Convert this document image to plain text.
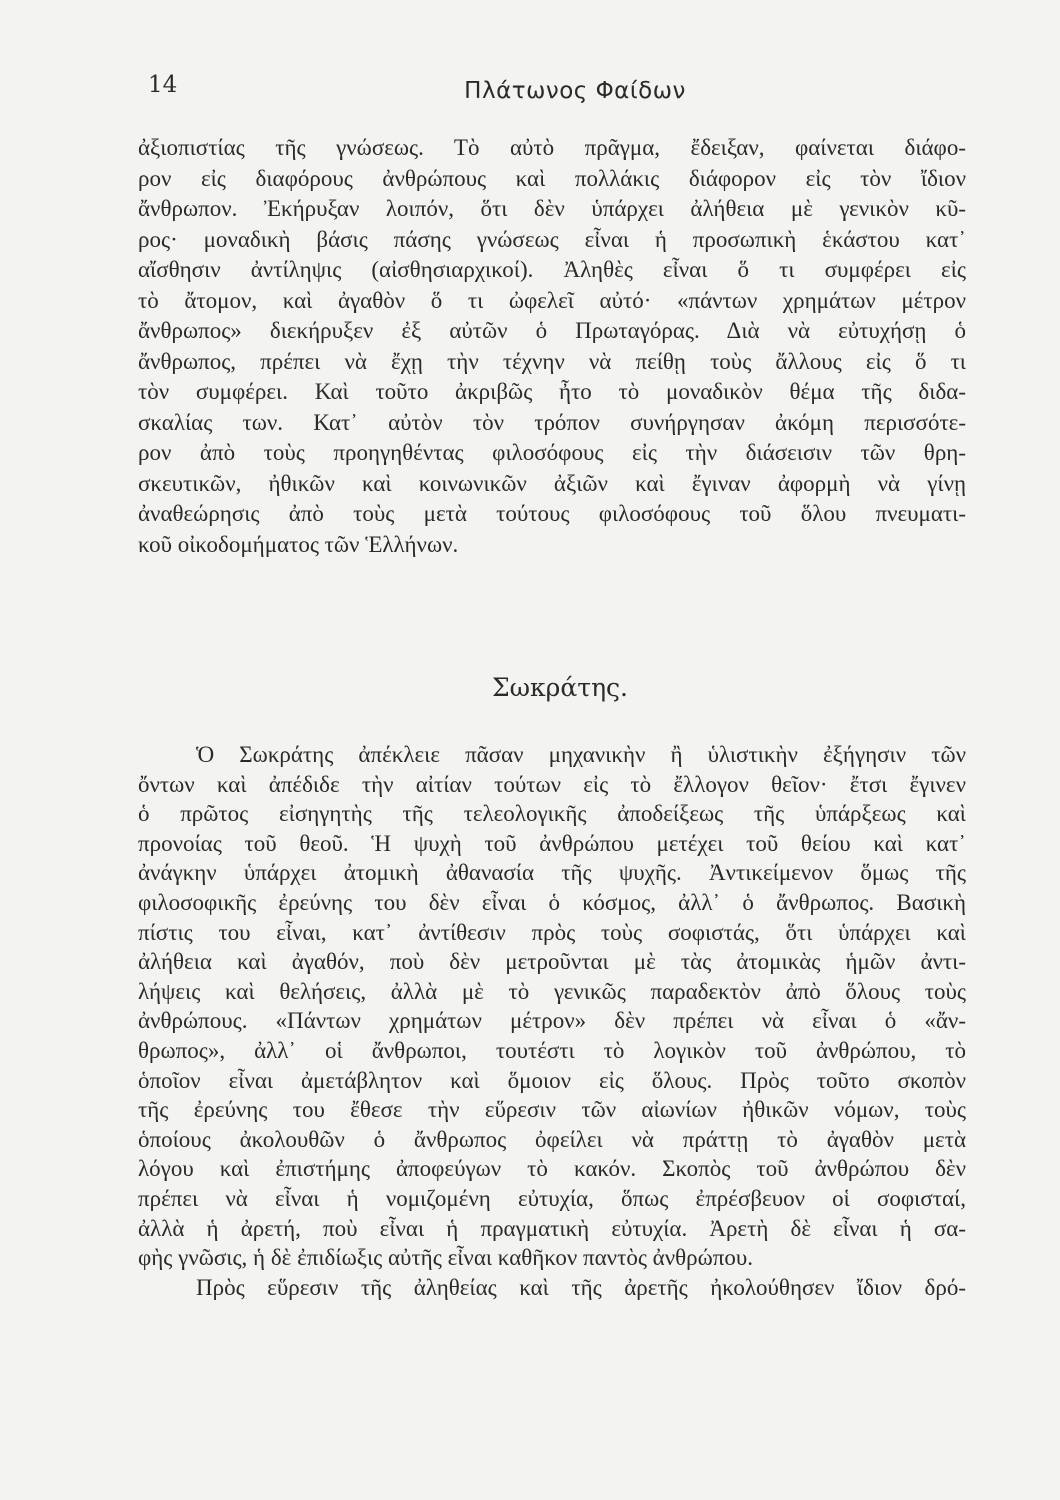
14	Πλάτωνος Φαίδων
ἀξιοπιστίας τῆς γνώσεως. Τὸ αὐτὸ πρᾶγμα, ἔδειξαν, φαίνεται διάφο-
ρον εἰς διαφόρους ἀνθρώπους καὶ πολλάκις διάφορον εἰς τὸν ἴδιον
ἄνθρωπον. Ἐκήρυξαν λοιπόν, ὅτι δὲν ὑπάρχει ἀλήθεια μὲ γενικὸν κῦ-
ρος· μοναδικὴ βάσις πάσης γνώσεως εἶναι ἡ προσωπικὴ ἑκάστου κατ᾽
αἴσθησιν ἀντίληψις (αἰσθησιαρχικοί). Ἀληθὲς εἶναι ὅ τι συμφέρει εἰς
τὸ ἄτομον, καὶ ἀγαθὸν ὅ τι ὠφελεῖ αὐτό· «πάντων χρημάτων μέτρον
ἄνθρωπος» διεκήρυξεν ἐξ αὐτῶν ὁ Πρωταγόρας. Διὰ νὰ εὐτυχήσῃ ὁ
ἄνθρωπος, πρέπει νὰ ἔχῃ τὴν τέχνην νὰ πείθῃ τοὺς ἄλλους εἰς ὅ τι
τὸν συμφέρει. Καὶ τοῦτο ἀκριβῶς ἦτο τὸ μοναδικὸν θέμα τῆς διδα-
σκαλίας των. Κατ᾽ αὐτὸν τὸν τρόπον συνήργησαν ἀκόμη περισσότε-
ρον ἀπὸ τοὺς προηγηθέντας φιλοσόφους εἰς τὴν διάσεισιν τῶν θρη-
σκευτικῶν, ἠθικῶν καὶ κοινωνικῶν ἀξιῶν καὶ ἔγιναν ἀφορμὴ νὰ γίνῃ
ἀναθεώρησις ἀπὸ τοὺς μετὰ τούτους φιλοσόφους τοῦ ὅλου πνευματι-
κοῦ οἰκοδομήματος τῶν Ἑλλήνων.
Σωκράτης.
Ὁ Σωκράτης ἀπέκλειε πᾶσαν μηχανικὴν ἢ ὑλιστικὴν ἐξήγησιν τῶν
ὄντων καὶ ἀπέδιδε τὴν αἰτίαν τούτων εἰς τὸ ἔλλογον θεῖον· ἔτσι ἔγινεν
ὁ πρῶτος εἰσηγητὴς τῆς τελεολογικῆς ἀποδείξεως τῆς ὑπάρξεως καὶ
προνοίας τοῦ θεοῦ. Ἡ ψυχὴ τοῦ ἀνθρώπου μετέχει τοῦ θείου καὶ κατ᾽
ἀνάγκην ὑπάρχει ἀτομικὴ ἀθανασία τῆς ψυχῆς. Ἀντικείμενον ὅμως τῆς
φιλοσοφικῆς ἐρεύνης του δὲν εἶναι ὁ κόσμος, ἀλλ᾽ ὁ ἄνθρωπος. Βασικὴ
πίστις του εἶναι, κατ᾽ ἀντίθεσιν πρὸς τοὺς σοφιστάς, ὅτι ὑπάρχει καὶ
ἀλήθεια καὶ ἀγαθόν, ποὺ δὲν μετροῦνται μὲ τὰς ἀτομικὰς ἡμῶν ἀντι-
λήψεις καὶ θελήσεις, ἀλλὰ μὲ τὸ γενικῶς παραδεκτὸν ἀπὸ ὅλους τοὺς
ἀνθρώπους. «Πάντων χρημάτων μέτρον» δὲν πρέπει νὰ εἶναι ὁ «ἄν-
θρωπος», ἀλλ᾽ οἱ ἄνθρωποι, τουτέστι τὸ λογικὸν τοῦ ἀνθρώπου, τὸ
ὁποῖον εἶναι ἀμετάβλητον καὶ ὅμοιον εἰς ὅλους. Πρὸς τοῦτο σκοπὸν
τῆς ἐρεύνης του ἔθεσε τὴν εὕρεσιν τῶν αἰωνίων ἠθικῶν νόμων, τοὺς
ὁποίους ἀκολουθῶν ὁ ἄνθρωπος ὀφείλει νὰ πράττῃ τὸ ἀγαθὸν μετὰ
λόγου καὶ ἐπιστήμης ἀποφεύγων τὸ κακόν. Σκοπὸς τοῦ ἀνθρώπου δὲν
πρέπει νὰ εἶναι ἡ νομιζομένη εὐτυχία, ὅπως ἐπρέσβευον οἱ σοφισταί,
ἀλλὰ ἡ ἀρετή, ποὺ εἶναι ἡ πραγματικὴ εὐτυχία. Ἀρετὴ δὲ εἶναι ἡ σα-
φὴς γνῶσις, ἡ δὲ ἐπιδίωξις αὐτῆς εἶναι καθῆκον παντὸς ἀνθρώπου.
Πρὸς εὕρεσιν τῆς ἀληθείας καὶ τῆς ἀρετῆς ἠκολούθησεν ἴδιον δρό-
